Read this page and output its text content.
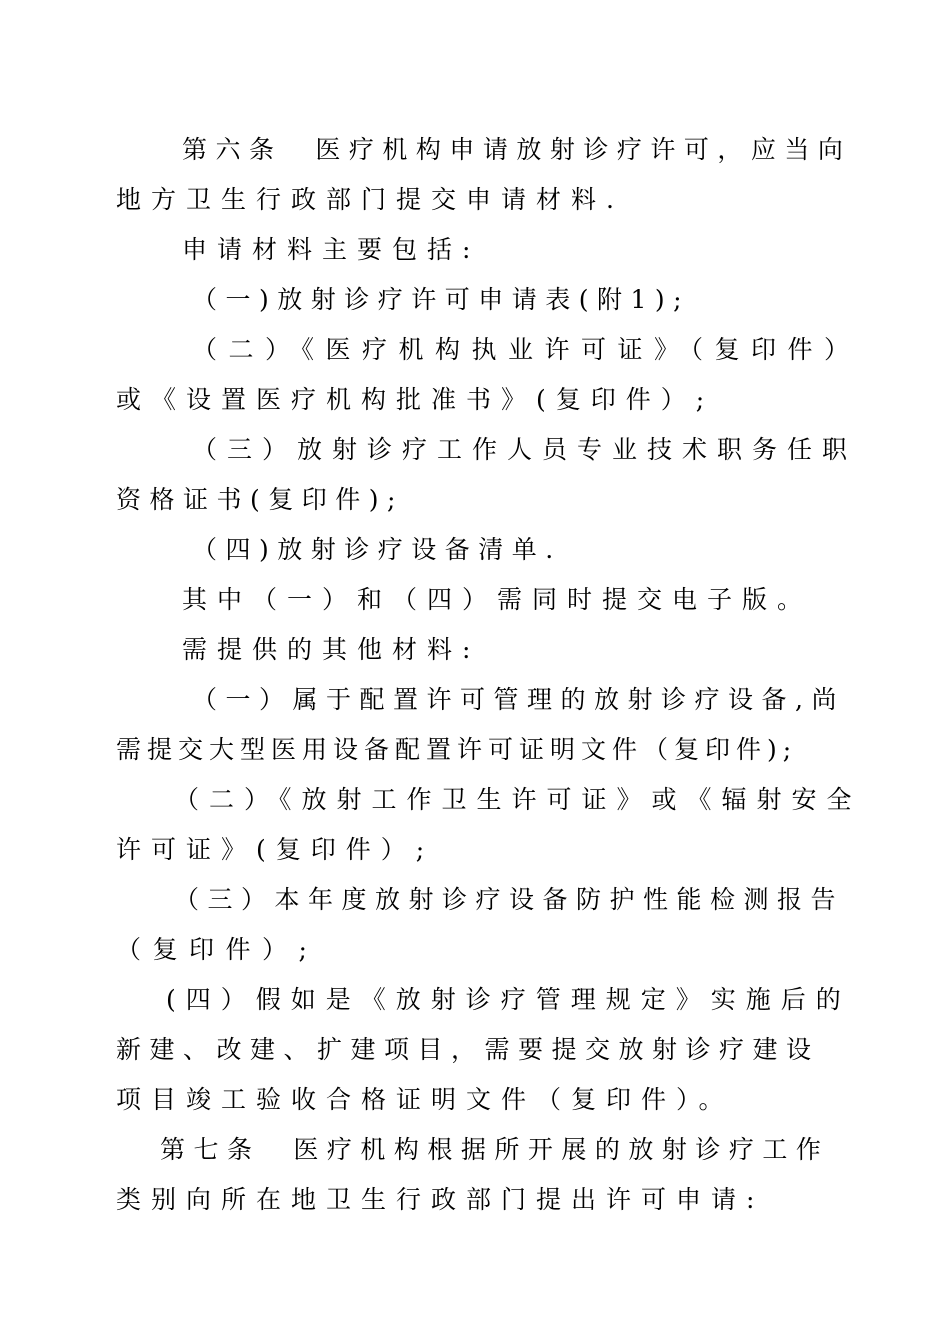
第六条  医疗机构申请放射诊疗许可，应当向
地方卫生行政部门提交申请材料.
申请材料主要包括:
（一)放射诊疗许可申请表(附1);
（二）《医疗机构执业许可证》（复印件）
或《设置医疗机构批准书》(复印件）;
（三）放射诊疗工作人员专业技术职务任职
资格证书(复印件);
（四)放射诊疗设备清单.
其中（一）和（四）需同时提交电子版。
需提供的其他材料:
（一）属于配置许可管理的放射诊疗设备,尚
需提交大型医用设备配置许可证明文件（复印件);
（二）《放射工作卫生许可证》或《辐射安全
许可证》(复印件）;
（三）本年度放射诊疗设备防护性能检测报告
（复印件）;
(四）假如是《放射诊疗管理规定》实施后的
新建、改建、扩建项目，需要提交放射诊疗建设
项目竣工验收合格证明文件（复印件）。
第七条  医疗机构根据所开展的放射诊疗工作
类别向所在地卫生行政部门提出许可申请:
